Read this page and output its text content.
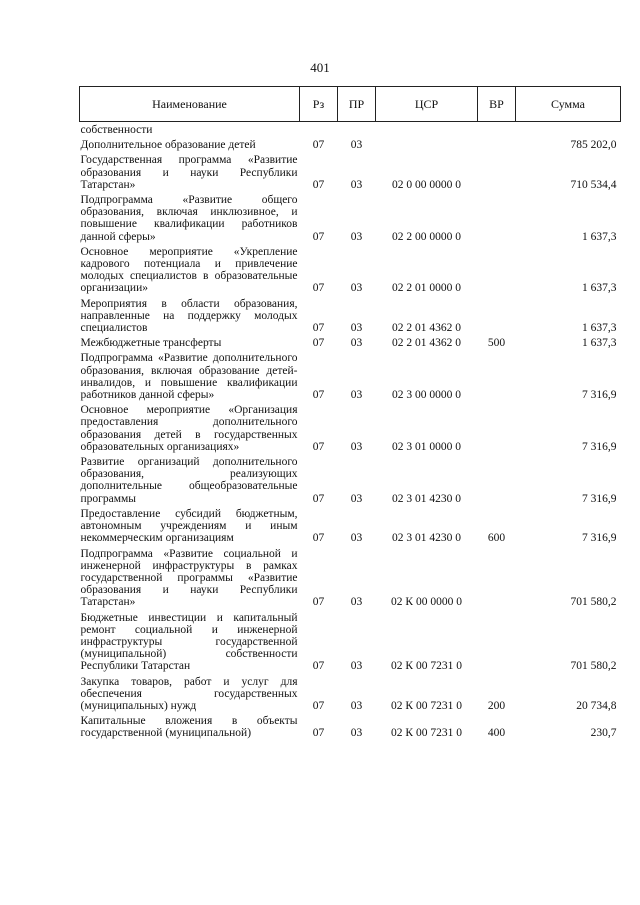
401
Наименование	Рз	ПР	ЦСР	ВР	Сумма
собственности					
Дополнительное образование детей	07	03			785 202,0
Государственная программа «Развитие образования и науки Республики Татарстан»	07	03	02 0 00 0000 0		710 534,4
Подпрограмма «Развитие общего образования, включая инклюзивное, и повышение квалификации работников данной сферы»	07	03	02 2 00 0000 0		1 637,3
Основное мероприятие «Укрепление кадрового потенциала и привлечение молодых специалистов в образовательные организации»	07	03	02 2 01 0000 0		1 637,3
Мероприятия в области образования, направленные на поддержку молодых специалистов	07	03	02 2 01 4362 0		1 637,3
Межбюджетные трансферты	07	03	02 2 01 4362 0	500	1 637,3
Подпрограмма «Развитие дополнительного образования, включая образование детей-инвалидов, и повышение квалификации работников данной сферы»	07	03	02 3 00 0000 0		7 316,9
Основное мероприятие «Организация предоставления дополнительного образования детей в государственных образовательных организациях»	07	03	02 3 01 0000 0		7 316,9
Развитие организаций дополнительного образования, реализующих дополнительные общеобразовательные программы	07	03	02 3 01 4230 0		7 316,9
Предоставление субсидий бюджетным, автономным учреждениям и иным некоммерческим организациям	07	03	02 3 01 4230 0	600	7 316,9
Подпрограмма «Развитие социальной и инженерной инфраструктуры в рамках государственной программы «Развитие образования и науки Республики Татарстан»	07	03	02 К 00 0000 0		701 580,2
Бюджетные инвестиции и капитальный ремонт социальной и инженерной инфраструктуры государственной (муниципальной) собственности Республики Татарстан	07	03	02 К 00 7231 0		701 580,2
Закупка товаров, работ и услуг для обеспечения государственных (муниципальных) нужд	07	03	02 К 00 7231 0	200	20 734,8
Капитальные вложения в объекты государственной (муниципальной)	07	03	02 К 00 7231 0	400	230,7
